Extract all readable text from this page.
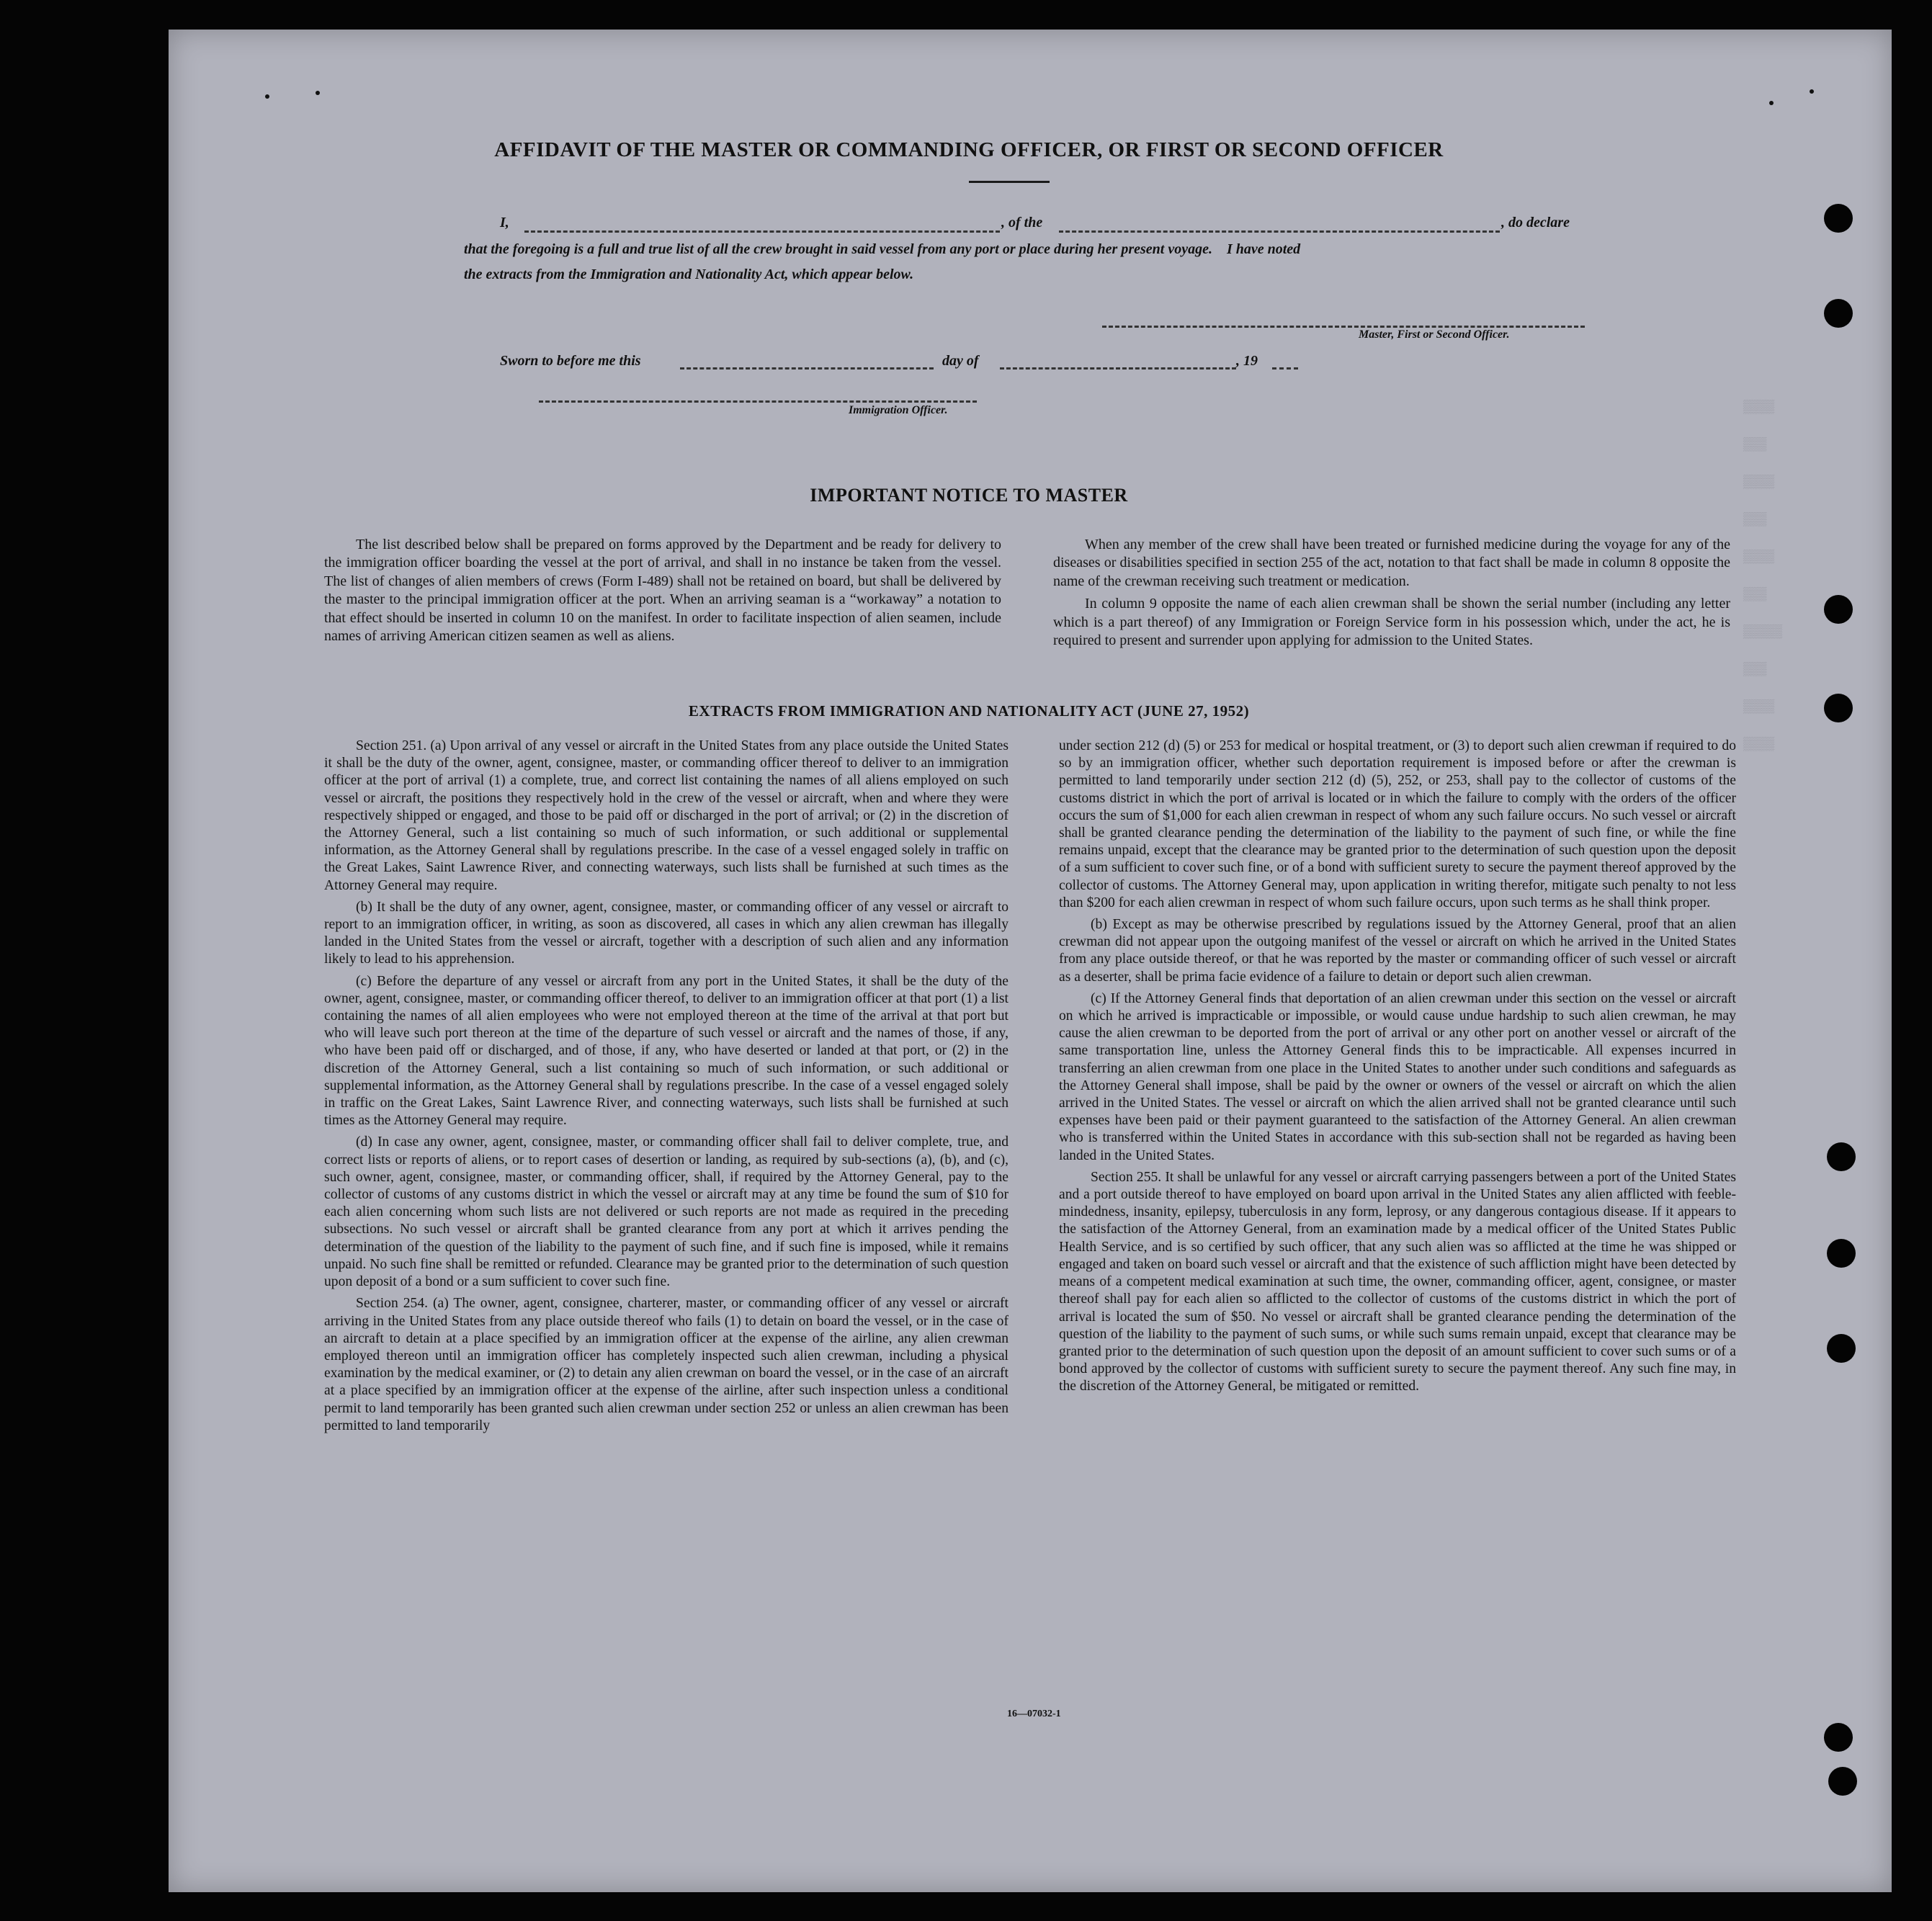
▒▒▒▒
▒▒▒
▒▒▒▒
▒▒▒
▒▒▒▒
▒▒▒
▒▒▒▒▒
▒▒▒
▒▒▒▒
▒▒▒▒
AFFIDAVIT OF THE MASTER OR COMMANDING OFFICER, OR FIRST OR SECOND OFFICER
I,	, of the	, do declare
that the foregoing is a full and true list of all the crew brought in said vessel from any port or place during her present voyage.    I have noted
the extracts from the Immigration and Nationality Act, which appear below.
Master, First or Second Officer.
Sworn to before me this	day of	, 19
Immigration Officer.
IMPORTANT NOTICE TO MASTER

The list described below shall be prepared on forms approved by the Department and be ready for delivery to the immigration officer boarding the vessel at the port of arrival, and shall in no instance be taken from the vessel. The list of changes of alien members of crews (Form I-489) shall not be retained on board, but shall be delivered by the master to the principal immigration officer at the port. When an arriving seaman is a “workaway” a notation to that effect should be inserted in column 10 on the manifest. In order to facilitate inspection of alien seamen, include names of arriving American citizen seamen as well as aliens.

When any member of the crew shall have been treated or furnished medicine during the voyage for any of the diseases or disabilities specified in section 255 of the act, notation to that fact shall be made in column 8 opposite the name of the crewman receiving such treatment or medication.

In column 9 opposite the name of each alien crewman shall be shown the serial number (including any letter which is a part thereof) of any Immigration or Foreign Service form in his possession which, under the act, he is required to present and surrender upon applying for admission to the United States.

EXTRACTS FROM IMMIGRATION AND NATIONALITY ACT (JUNE 27, 1952)

Section 251. (a) Upon arrival of any vessel or aircraft in the United States from any place outside the United States it shall be the duty of the owner, agent, consignee, master, or commanding officer thereof to deliver to an immigration officer at the port of arrival (1) a complete, true, and correct list containing the names of all aliens employed on such vessel or aircraft, the positions they respectively hold in the crew of the vessel or aircraft, when and where they were respectively shipped or engaged, and those to be paid off or discharged in the port of arrival; or (2) in the discretion of the Attorney General, such a list containing so much of such information, or such additional or supplemental information, as the Attorney General shall by regulations prescribe. In the case of a vessel engaged solely in traffic on the Great Lakes, Saint Lawrence River, and connecting waterways, such lists shall be furnished at such times as the Attorney General may require.

(b) It shall be the duty of any owner, agent, consignee, master, or commanding officer of any vessel or aircraft to report to an immigration officer, in writing, as soon as discovered, all cases in which any alien crewman has illegally landed in the United States from the vessel or aircraft, together with a description of such alien and any information likely to lead to his apprehension.

(c) Before the departure of any vessel or aircraft from any port in the United States, it shall be the duty of the owner, agent, consignee, master, or commanding officer thereof, to deliver to an immigration officer at that port (1) a list containing the names of all alien employees who were not employed thereon at the time of the arrival at that port but who will leave such port thereon at the time of the departure of such vessel or aircraft and the names of those, if any, who have been paid off or discharged, and of those, if any, who have deserted or landed at that port, or (2) in the discretion of the Attorney General, such a list containing so much of such information, or such additional or supplemental information, as the Attorney General shall by regulations prescribe. In the case of a vessel engaged solely in traffic on the Great Lakes, Saint Lawrence River, and connecting waterways, such lists shall be furnished at such times as the Attorney General may require.

(d) In case any owner, agent, consignee, master, or commanding officer shall fail to deliver complete, true, and correct lists or reports of aliens, or to report cases of desertion or landing, as required by sub-sections (a), (b), and (c), such owner, agent, consignee, master, or commanding officer, shall, if required by the Attorney General, pay to the collector of customs of any customs district in which the vessel or aircraft may at any time be found the sum of $10 for each alien concerning whom such lists are not delivered or such reports are not made as required in the preceding subsections. No such vessel or aircraft shall be granted clearance from any port at which it arrives pending the determination of the question of the liability to the payment of such fine, and if such fine is imposed, while it remains unpaid. No such fine shall be remitted or refunded. Clearance may be granted prior to the determination of such question upon deposit of a bond or a sum sufficient to cover such fine.

Section 254. (a) The owner, agent, consignee, charterer, master, or commanding officer of any vessel or aircraft arriving in the United States from any place outside thereof who fails (1) to detain on board the vessel, or in the case of an aircraft to detain at a place specified by an immigration officer at the expense of the airline, any alien crewman employed thereon until an immigration officer has completely inspected such alien crewman, including a physical examination by the medical examiner, or (2) to detain any alien crewman on board the vessel, or in the case of an aircraft at a place specified by an immigration officer at the expense of the airline, after such inspection unless a conditional permit to land temporarily has been granted such alien crewman under section 252 or unless an alien crewman has been permitted to land temporarily

under section 212 (d) (5) or 253 for medical or hospital treatment, or (3) to deport such alien crewman if required to do so by an immigration officer, whether such deportation requirement is imposed before or after the crewman is permitted to land temporarily under section 212 (d) (5), 252, or 253, shall pay to the collector of customs of the customs district in which the port of arrival is located or in which the failure to comply with the orders of the officer occurs the sum of $1,000 for each alien crewman in respect of whom any such failure occurs. No such vessel or aircraft shall be granted clearance pending the determination of the liability to the payment of such fine, or while the fine remains unpaid, except that the clearance may be granted prior to the determination of such question upon the deposit of a sum sufficient to cover such fine, or of a bond with sufficient surety to secure the payment thereof approved by the collector of customs. The Attorney General may, upon application in writing therefor, mitigate such penalty to not less than $200 for each alien crewman in respect of whom such failure occurs, upon such terms as he shall think proper.

(b) Except as may be otherwise prescribed by regulations issued by the Attorney General, proof that an alien crewman did not appear upon the outgoing manifest of the vessel or aircraft on which he arrived in the United States from any place outside thereof, or that he was reported by the master or commanding officer of such vessel or aircraft as a deserter, shall be prima facie evidence of a failure to detain or deport such alien crewman.

(c) If the Attorney General finds that deportation of an alien crewman under this section on the vessel or aircraft on which he arrived is impracticable or impossible, or would cause undue hardship to such alien crewman, he may cause the alien crewman to be deported from the port of arrival or any other port on another vessel or aircraft of the same transportation line, unless the Attorney General finds this to be impracticable. All expenses incurred in transferring an alien crewman from one place in the United States to another under such conditions and safeguards as the Attorney General shall impose, shall be paid by the owner or owners of the vessel or aircraft on which the alien arrived in the United States. The vessel or aircraft on which the alien arrived shall not be granted clearance until such expenses have been paid or their payment guaranteed to the satisfaction of the Attorney General. An alien crewman who is transferred within the United States in accordance with this sub-section shall not be regarded as having been landed in the United States.

Section 255. It shall be unlawful for any vessel or aircraft carrying passengers between a port of the United States and a port outside thereof to have employed on board upon arrival in the United States any alien afflicted with feeble-mindedness, insanity, epilepsy, tuberculosis in any form, leprosy, or any dangerous contagious disease. If it appears to the satisfaction of the Attorney General, from an examination made by a medical officer of the United States Public Health Service, and is so certified by such officer, that any such alien was so afflicted at the time he was shipped or engaged and taken on board such vessel or aircraft and that the existence of such affliction might have been detected by means of a competent medical examination at such time, the owner, commanding officer, agent, consignee, or master thereof shall pay for each alien so afflicted to the collector of customs of the customs district in which the port of arrival is located the sum of $50. No vessel or aircraft shall be granted clearance pending the determination of the question of the liability to the payment of such sums, or while such sums remain unpaid, except that clearance may be granted prior to the determination of such question upon the deposit of an amount sufficient to cover such sums or of a bond approved by the collector of customs with sufficient surety to secure the payment thereof. Any such fine may, in the discretion of the Attorney General, be mitigated or remitted.

16—07032-1
